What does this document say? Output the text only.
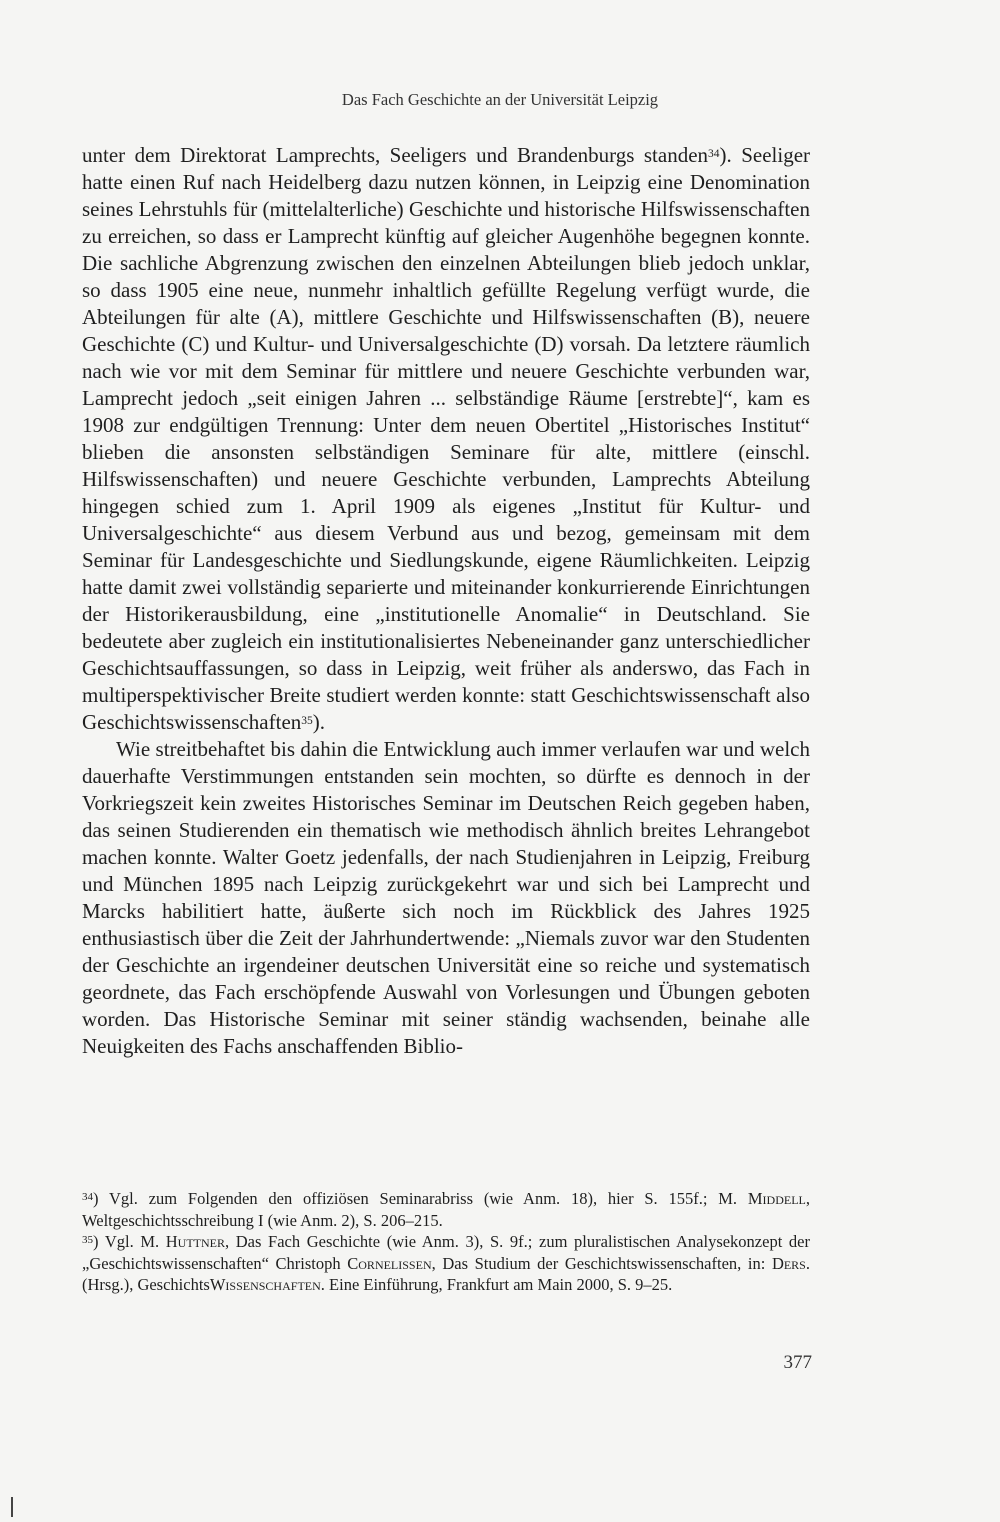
Das Fach Geschichte an der Universität Leipzig

unter dem Direktorat Lamprechts, Seeligers und Brandenburgs standen$^{34}$). Seeliger hatte einen Ruf nach Heidelberg dazu nutzen können, in Leipzig eine Denomination seines Lehrstuhls für (mittelalterliche) Geschichte und historische Hilfswissenschaften zu erreichen, so dass er Lamprecht künftig auf gleicher Augenhöhe begegnen konnte. Die sachliche Abgrenzung zwischen den einzelnen Abteilungen blieb jedoch unklar, so dass 1905 eine neue, nunmehr inhaltlich gefüllte Regelung verfügt wurde, die Abteilungen für alte (A), mittlere Geschichte und Hilfswissenschaften (B), neuere Geschichte (C) und Kultur- und Universalgeschichte (D) vorsah. Da letztere räumlich nach wie vor mit dem Seminar für mittlere und neuere Geschichte verbunden war, Lamprecht jedoch „seit einigen Jahren ... selbständige Räume [erstrebte]“, kam es 1908 zur endgültigen Trennung: Unter dem neuen Obertitel „Historisches Institut“ blieben die ansonsten selbständigen Seminare für alte, mittlere (einschl. Hilfswissenschaften) und neuere Geschichte verbunden, Lamprechts Abteilung hingegen schied zum 1. April 1909 als eigenes „Institut für Kultur- und Universalgeschichte“ aus diesem Verbund aus und bezog, gemeinsam mit dem Seminar für Landesgeschichte und Siedlungskunde, eigene Räumlichkeiten. Leipzig hatte damit zwei vollständig separierte und miteinander konkurrierende Einrichtungen der Historikerausbildung, eine „institutionelle Anomalie“ in Deutschland. Sie bedeutete aber zugleich ein institutionalisiertes Nebeneinander ganz unterschiedlicher Geschichtsauffassungen, so dass in Leipzig, weit früher als anderswo, das Fach in multiperspektivischer Breite studiert werden konnte: statt Geschichtswissenschaft also Geschichtswissenschaften$^{35}$).

Wie streitbehaftet bis dahin die Entwicklung auch immer verlaufen war und welch dauerhafte Verstimmungen entstanden sein mochten, so dürfte es dennoch in der Vorkriegszeit kein zweites Historisches Seminar im Deutschen Reich gegeben haben, das seinen Studierenden ein thematisch wie methodisch ähnlich breites Lehrangebot machen konnte. Walter Goetz jedenfalls, der nach Studienjahren in Leipzig, Freiburg und München 1895 nach Leipzig zurückgekehrt war und sich bei Lamprecht und Marcks habilitiert hatte, äußerte sich noch im Rückblick des Jahres 1925 enthusiastisch über die Zeit der Jahrhundertwende: „Niemals zuvor war den Studenten der Geschichte an irgendeiner deutschen Universität eine so reiche und systematisch geordnete, das Fach erschöpfende Auswahl von Vorlesungen und Übungen geboten worden. Das Historische Seminar mit seiner ständig wachsenden, beinahe alle Neuigkeiten des Fachs anschaffenden Biblio-

$^{34}$) Vgl. zum Folgenden den offiziösen Seminarabriss (wie Anm. 18), hier S. 155f.; M. Middell, Weltgeschichtsschreibung I (wie Anm. 2), S. 206–215.

$^{35}$) Vgl. M. Huttner, Das Fach Geschichte (wie Anm. 3), S. 9f.; zum pluralistischen Analysekonzept der „Geschichtswissenschaften“ Christoph Cornelißen, Das Studium der Geschichtswissenschaften, in: Ders. (Hrsg.), GeschichtsWissenschaften. Eine Einführung, Frankfurt am Main 2000, S. 9–25.

377
